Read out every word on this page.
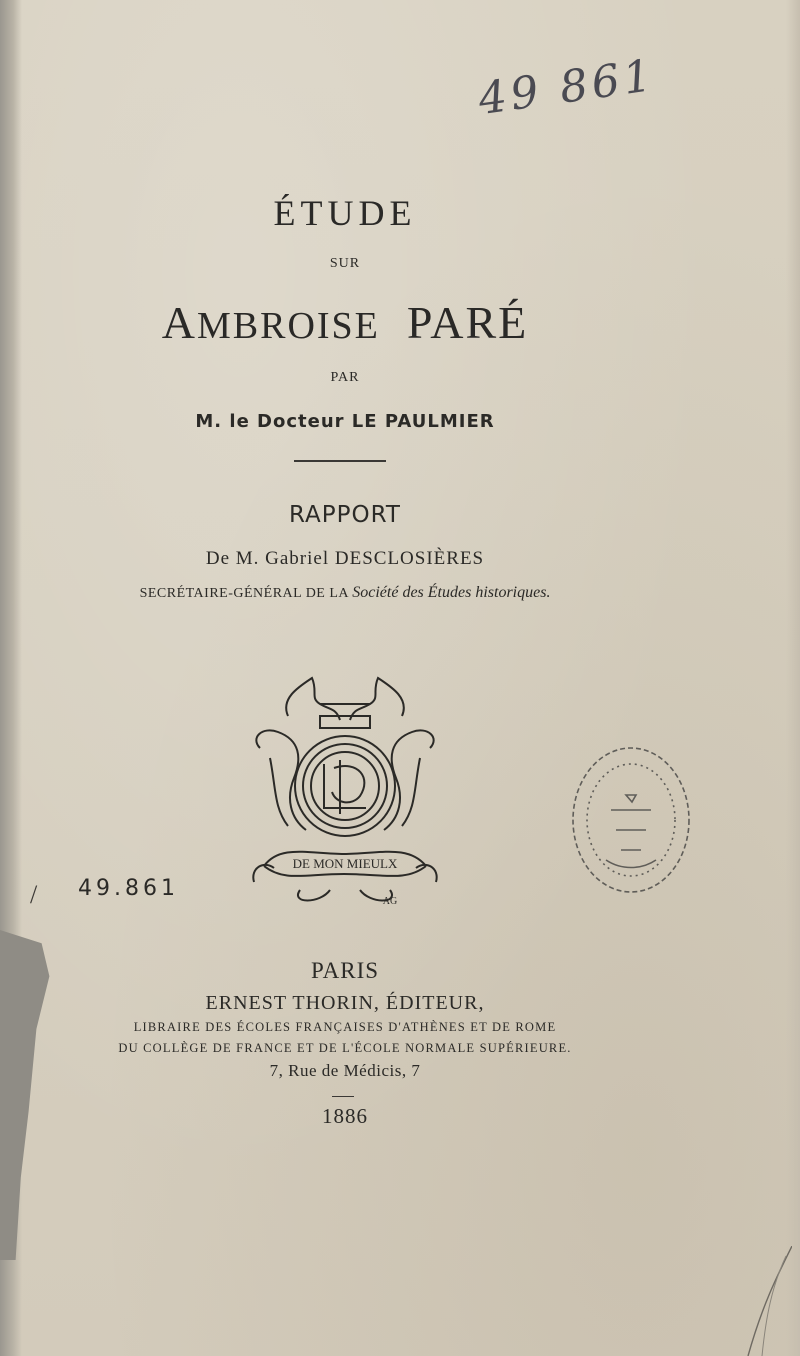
49 861
ÉTUDE
SUR
AMBROISE PARÉ
PAR
M. le Docteur LE PAULMIER
RAPPORT
De M. Gabriel DESCLOSIÈRES
SECRÉTAIRE-GÉNÉRAL DE LA Société des Études historiques.
DE MON MIEULX
AG
/ 49.861
PARIS
ERNEST THORIN, ÉDITEUR,
LIBRAIRE DES ÉCOLES FRANÇAISES D'ATHÈNES ET DE ROME
DU COLLÈGE DE FRANCE ET DE L'ÉCOLE NORMALE SUPÉRIEURE.
7, Rue de Médicis, 7
1886
